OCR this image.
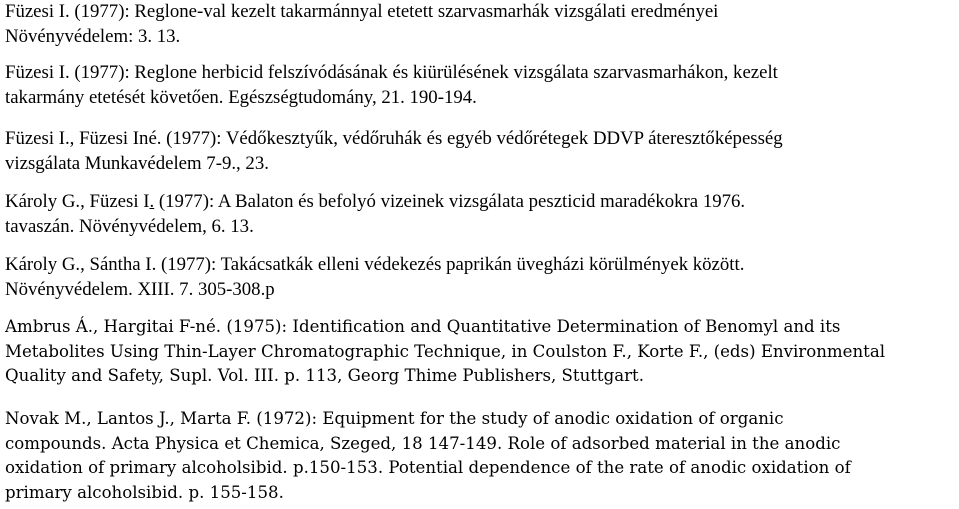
Füzesi I. (1977): Reglone-val kezelt takarmánnyal etetett szarvasmarhák vizsgálati eredményei
Növényvédelem: 3. 13.

Füzesi I. (1977): Reglone herbicid felszívódásának és kiürülésének vizsgálata szarvasmarhákon, kezelt
takarmány etetését követően. Egészségtudomány, 21. 190-194.

Füzesi I., Füzesi Iné. (1977): Védőkesztyűk, védőruhák és egyéb védőrétegek DDVP áteresztőképesség
vizsgálata Munkavédelem 7-9., 23.

Károly G., Füzesi I. (1977): A Balaton és befolyó vizeinek vizsgálata peszticid maradékokra 1976.
tavaszán. Növényvédelem, 6. 13.

Károly G., Sántha I. (1977): Takácsatkák elleni védekezés paprikán üvegházi körülmények között.
Növényvédelem. XIII. 7. 305-308.p

Ambrus Á., Hargitai F-né. (1975): Identification and Quantitative Determination of Benomyl and its
Metabolites Using Thin-Layer Chromatographic Technique, in Coulston F., Korte F., (eds) Environmental
Quality and Safety, Supl. Vol. III. p. 113, Georg Thime Publishers, Stuttgart.

Novak M., Lantos J., Marta F. (1972): Equipment for the study of anodic oxidation of organic
compounds. Acta Physica et Chemica, Szeged, 18 147-149. Role of adsorbed material in the anodic
oxidation of primary alcoholsibid. p.150-153. Potential dependence of the rate of anodic oxidation of
primary alcoholsibid. p. 155-158.
